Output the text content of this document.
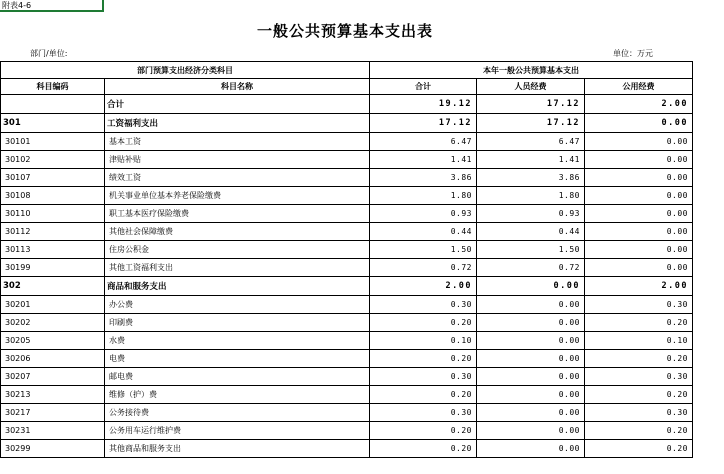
附表4-6
一般公共预算基本支出表
部门/单位:	单位：万元
部门预算支出经济分类科目		本年一般公共预算基本支出		
科目编码	科目名称	合计	人员经费	公用经费
	合计	19.12	17.12	2.00
301	工资福利支出	17.12	17.12	0.00
30101	基本工资	6.47	6.47	0.00
30102	津贴补贴	1.41	1.41	0.00
30107	绩效工资	3.86	3.86	0.00
30108	机关事业单位基本养老保险缴费	1.80	1.80	0.00
30110	职工基本医疗保险缴费	0.93	0.93	0.00
30112	其他社会保障缴费	0.44	0.44	0.00
30113	住房公积金	1.50	1.50	0.00
30199	其他工资福利支出	0.72	0.72	0.00
302	商品和服务支出	2.00	0.00	2.00
30201	办公费	0.30	0.00	0.30
30202	印刷费	0.20	0.00	0.20
30205	水费	0.10	0.00	0.10
30206	电费	0.20	0.00	0.20
30207	邮电费	0.30	0.00	0.30
30213	维修（护）费	0.20	0.00	0.20
30217	公务接待费	0.30	0.00	0.30
30231	公务用车运行维护费	0.20	0.00	0.20
30299	其他商品和服务支出	0.20	0.00	0.20
